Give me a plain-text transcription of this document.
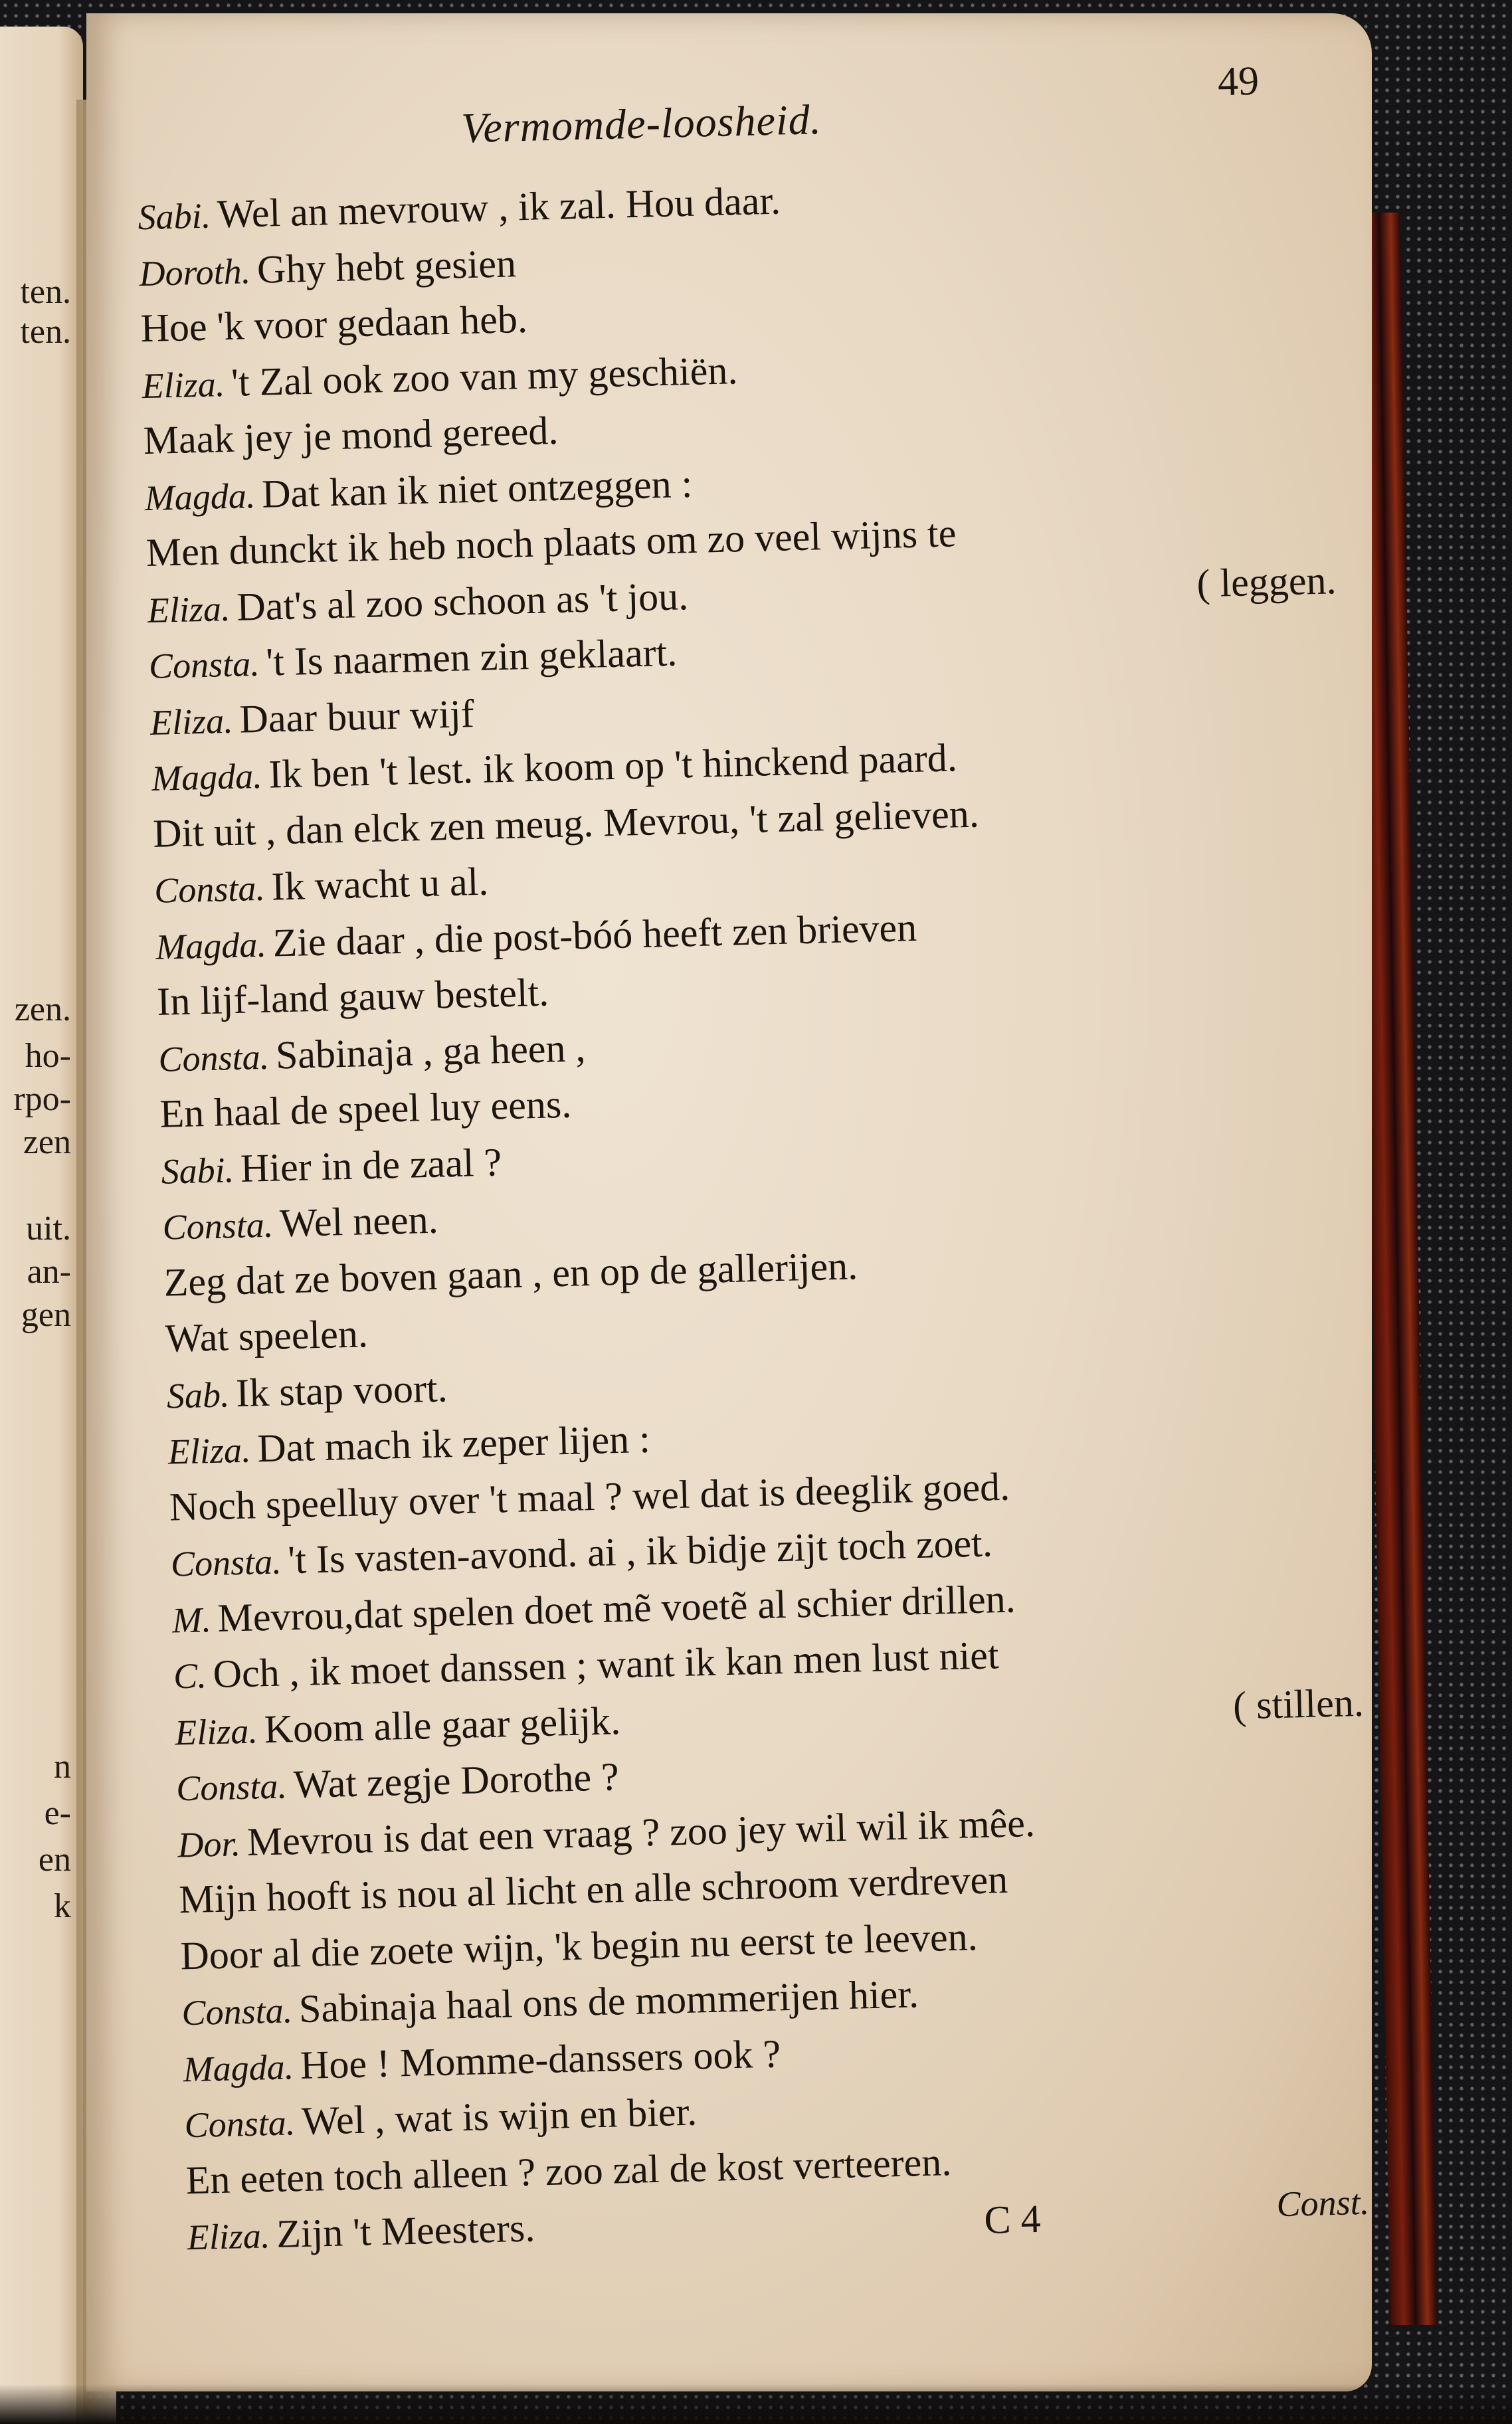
ten.
ten.
zen.
ho-
rpo-
zen
uit.
an-
gen
n
e-
en
k
Vermomde-loosheid.
49
Sabi. Wel an mevrouw , ik zal. Hou daar.
Doroth. Ghy hebt gesien
Hoe 'k voor gedaan heb.
Eliza. 't Zal ook zoo van my geschiën.
Maak jey je mond gereed.
Magda. Dat kan ik niet ontzeggen :
Men dunckt ik heb noch plaats om zo veel wijns te
Eliza. Dat's al zoo schoon as 't jou.	( leggen.
Consta. 't Is naarmen zin geklaart.
Eliza. Daar buur wijf
Magda. Ik ben 't lest. ik koom op 't hinckend paard.
Dit uit , dan elck zen meug. Mevrou, 't zal gelieven.
Consta. Ik wacht u al.
Magda. Zie daar , die post-bóó heeft zen brieven
In lijf-land gauw bestelt.
Consta. Sabinaja , ga heen ,
En haal de speel luy eens.
Sabi. Hier in de zaal ?
Consta. Wel neen.
Zeg dat ze boven gaan , en op de gallerijen.
Wat speelen.
Sab. Ik stap voort.
Eliza. Dat mach ik zeper lijen :
Noch speelluy over 't maal ? wel dat is deeglik goed.
Consta. 't Is vasten-avond. ai , ik bidje zijt toch zoet.
M. Mevrou,dat spelen doet mẽ voetẽ al schier drillen.
C. Och , ik moet danssen ; want ik kan men lust niet
Eliza. Koom alle gaar gelijk.	( stillen.
Consta. Wat zegje Dorothe ?
Dor. Mevrou is dat een vraag ? zoo jey wil wil ik mêe.
Mijn hooft is nou al licht en alle schroom verdreven
Door al die zoete wijn, 'k begin nu eerst te leeven.
Consta. Sabinaja haal ons de mommerijen hier.
Magda. Hoe ! Momme-danssers ook ?
Consta. Wel , wat is wijn en bier.
En eeten toch alleen ? zoo zal de kost verteeren.
Eliza. Zijn 't Meesters.	C 4	Const.
